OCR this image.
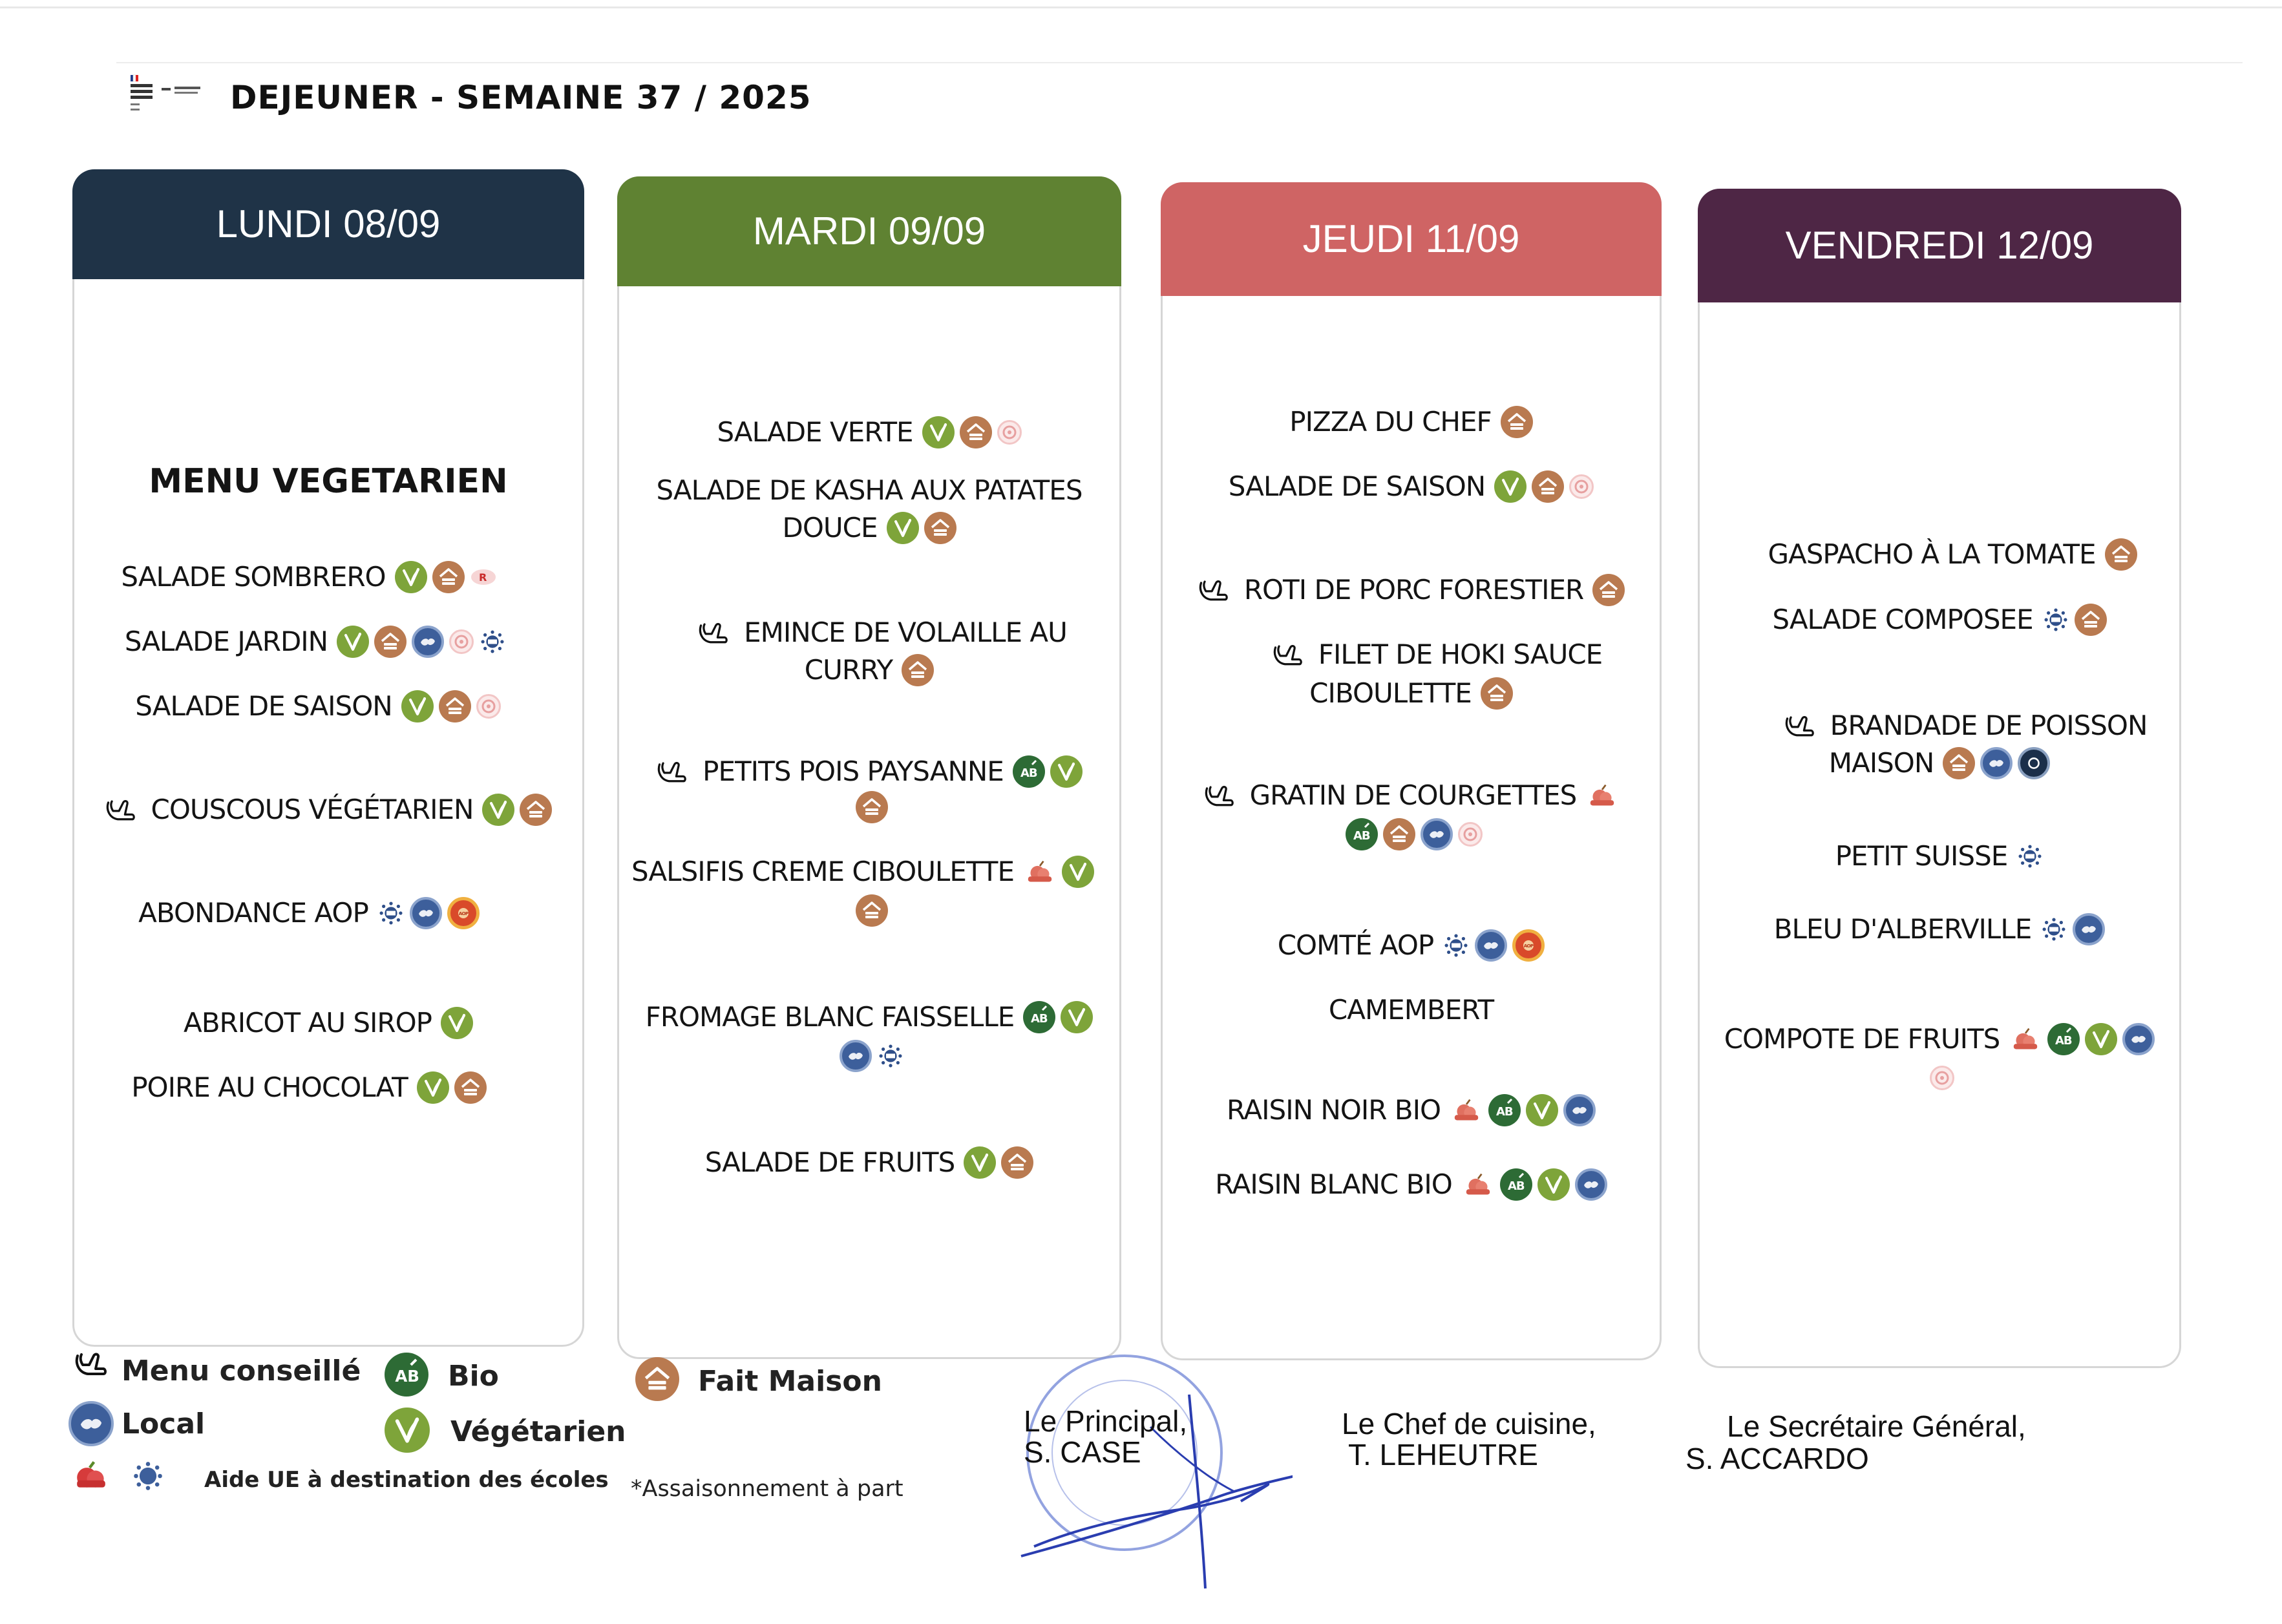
DEJEUNER - SEMAINE 37 / 2025
LUNDI 08/09
MENU VEGETARIEN
SALADE SOMBRERO	R
SALADE JARDIN
SALADE DE SAISON
COUSCOUS VÉGÉTARIEN
ABONDANCE AOP	AOP
ABRICOT AU SIROP
POIRE AU CHOCOLAT
MARDI 09/09
SALADE VERTE
SALADE DE KASHA AUX PATATES
DOUCE
EMINCE DE VOLAILLE AU
CURRY
PETITS POIS PAYSANNE AB
SALSIFIS CREME CIBOULETTE
FROMAGE BLANC FAISSELLE AB
SALADE DE FRUITS
JEUDI 11/09
PIZZA DU CHEF
SALADE DE SAISON
ROTI DE PORC FORESTIER
FILET DE HOKI SAUCE
CIBOULETTE
GRATIN DE COURGETTES
AB
COMTÉ AOP	AOP
CAMEMBERT
RAISIN NOIR BIO	AB
RAISIN BLANC BIO	AB
VENDREDI 12/09
GASPACHO À LA TOMATE
SALADE COMPOSEE
BRANDADE DE POISSON
MAISON
PETIT SUISSE
BLEU D'ALBERVILLE
COMPOTE DE FRUITS	AB
Menu conseillé	AB Bio	Fait Maison
Local	Végétarien
Aide UE à destination des écoles *Assaisonnement à part
Le Principal,
S. CASE
Le Chef de cuisine,
T. LEHEUTRE
Le Secrétaire Général,
S. ACCARDO
